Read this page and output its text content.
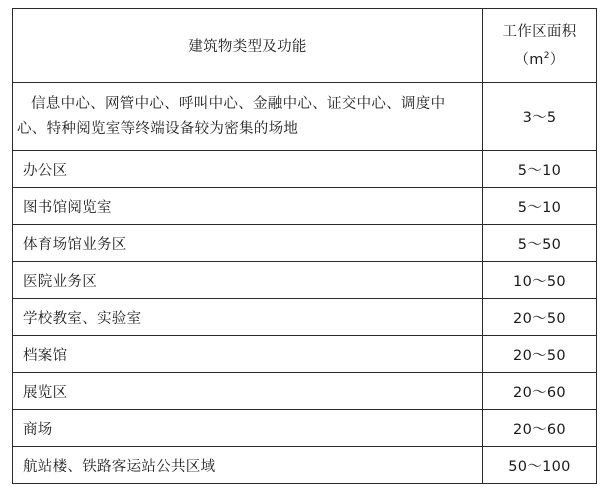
建筑物类型及功能	工作区面积
$(m^2)$

信息中心、网管中心、呼叫中心、金融中心、证交中心、调度中心、特种阅览室等终端设备较为密集的场地	3～5
办公区	5～10
图书馆阅览室	5～10
体育场馆业务区	5～50
医院业务区	10～50
学校教室、实验室	20～50
档案馆	20～50
展览区	20～60
商场	20～60
航站楼、铁路客运站公共区域	50～100
